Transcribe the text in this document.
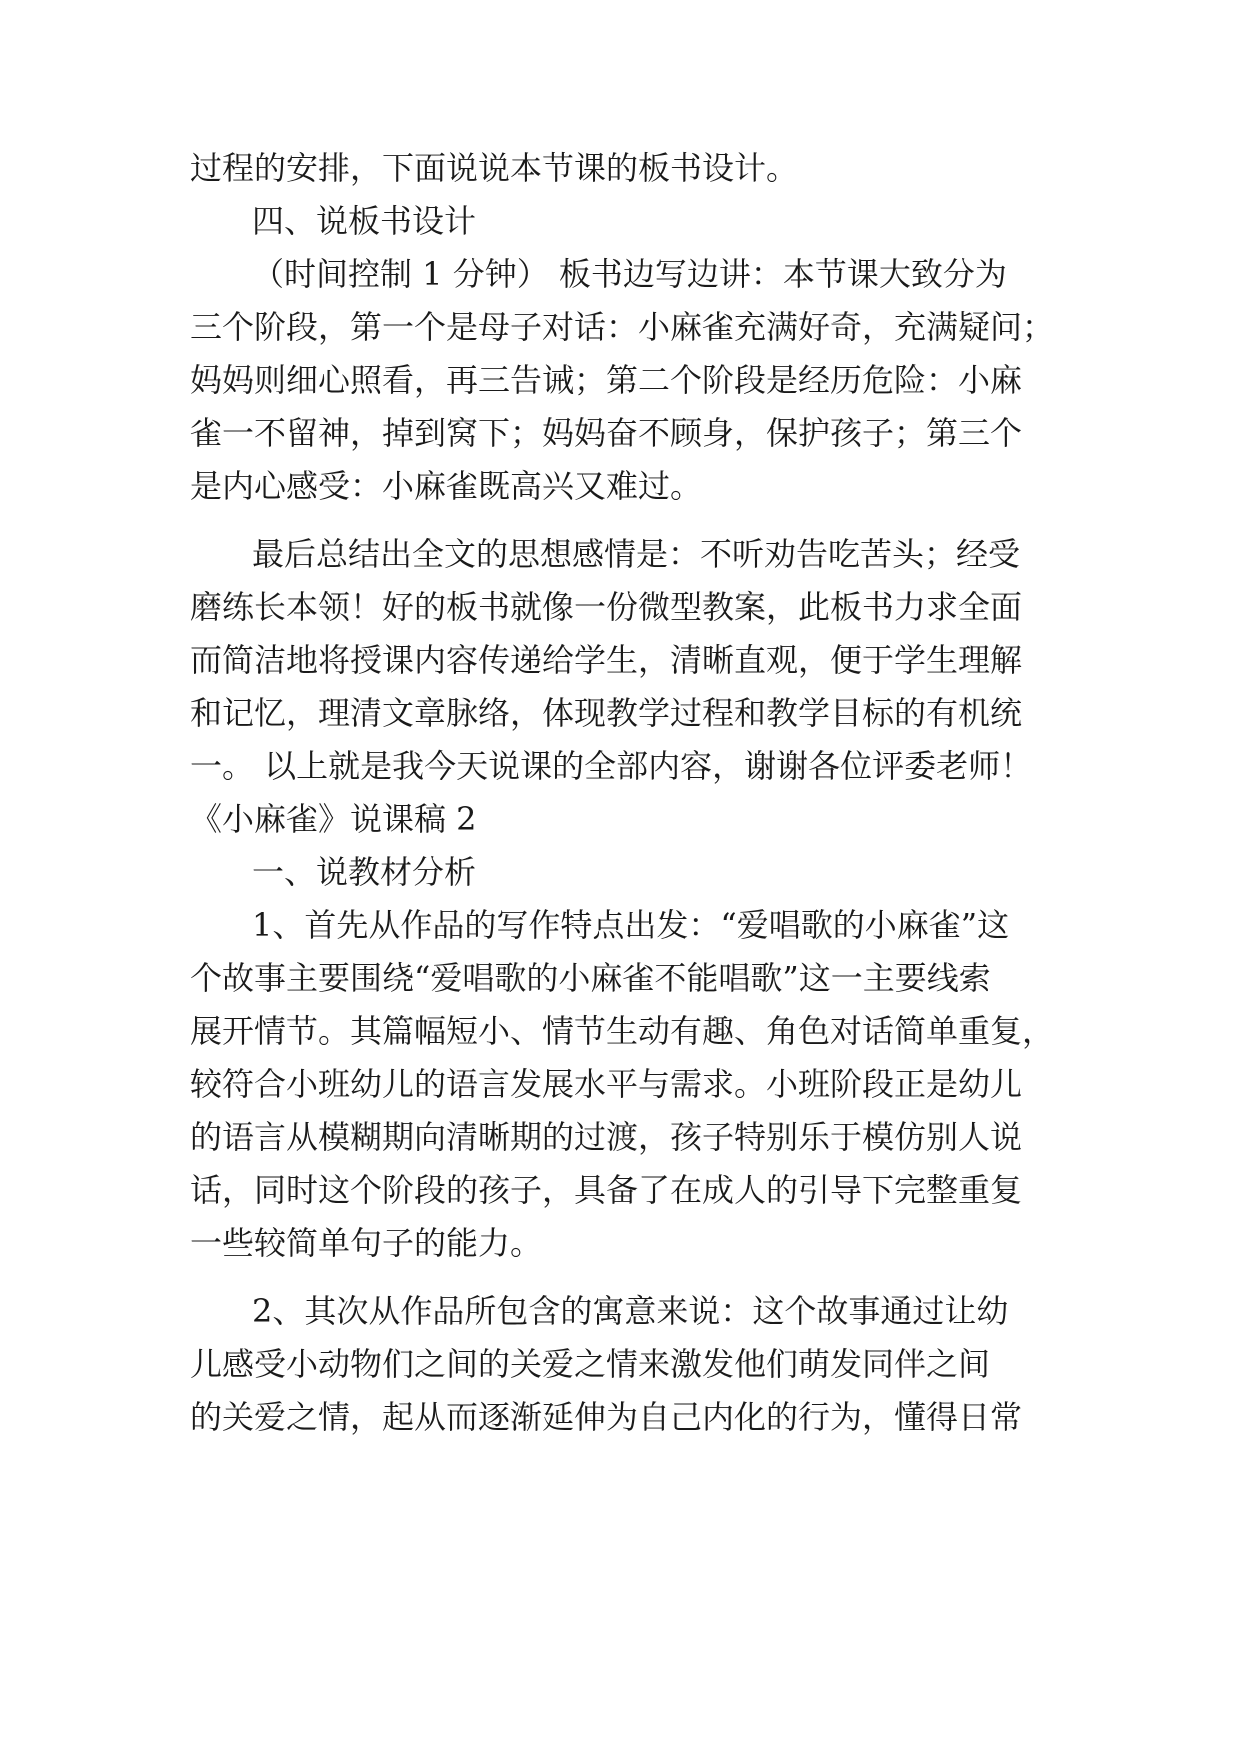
过程的安排，下面说说本节课的板书设计。
四、说板书设计
（时间控制 1 分钟） 板书边写边讲：本节课大致分为
三个阶段，第一个是母子对话：小麻雀充满好奇，充满疑问；
妈妈则细心照看，再三告诫；第二个阶段是经历危险：小麻
雀一不留神，掉到窝下；妈妈奋不顾身，保护孩子；第三个
是内心感受：小麻雀既高兴又难过。
最后总结出全文的思想感情是：不听劝告吃苦头；经受
磨练长本领！好的板书就像一份微型教案，此板书力求全面
而简洁地将授课内容传递给学生，清晰直观，便于学生理解
和记忆，理清文章脉络，体现教学过程和教学目标的有机统
一。 以上就是我今天说课的全部内容，谢谢各位评委老师！
《小麻雀》说课稿 2
一、说教材分析
1、首先从作品的写作特点出发：“爱唱歌的小麻雀”这
个故事主要围绕“爱唱歌的小麻雀不能唱歌”这一主要线索
展开情节。其篇幅短小、情节生动有趣、角色对话简单重复，
较符合小班幼儿的语言发展水平与需求。小班阶段正是幼儿
的语言从模糊期向清晰期的过渡，孩子特别乐于模仿别人说
话，同时这个阶段的孩子，具备了在成人的引导下完整重复
一些较简单句子的能力。
2、其次从作品所包含的寓意来说：这个故事通过让幼
儿感受小动物们之间的关爱之情来激发他们萌发同伴之间
的关爱之情，起从而逐渐延伸为自己内化的行为，懂得日常
